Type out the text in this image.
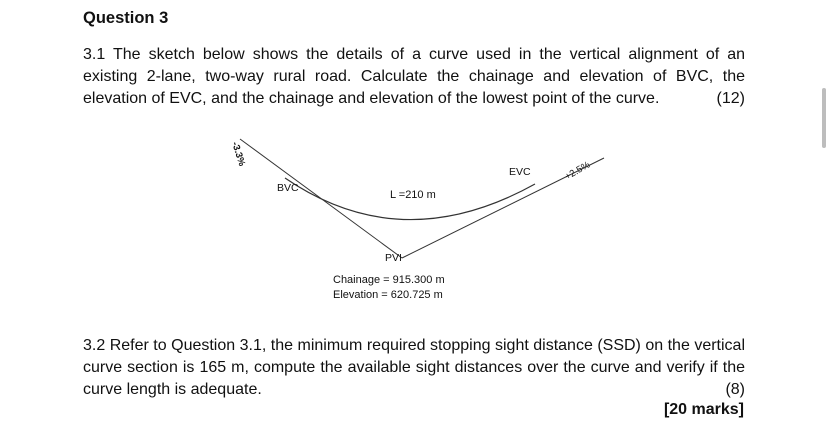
Question 3

3.1 The sketch below shows the details of a curve used in the vertical alignment of an existing 2-lane, two-way rural road. Calculate the chainage and elevation of BVC, the elevation of EVC, and the chainage and elevation of the lowest point of the curve.	(12)

-3.3%
+2.5%
BVC
EVC
L =210 m
PVI
Chainage = 915.300 m
Elevation = 620.725 m

3.2 Refer to Question 3.1, the minimum required stopping sight distance (SSD) on the vertical curve section is 165 m, compute the available sight distances over the curve and verify if the curve length is adequate.	(8)

[20 marks]
